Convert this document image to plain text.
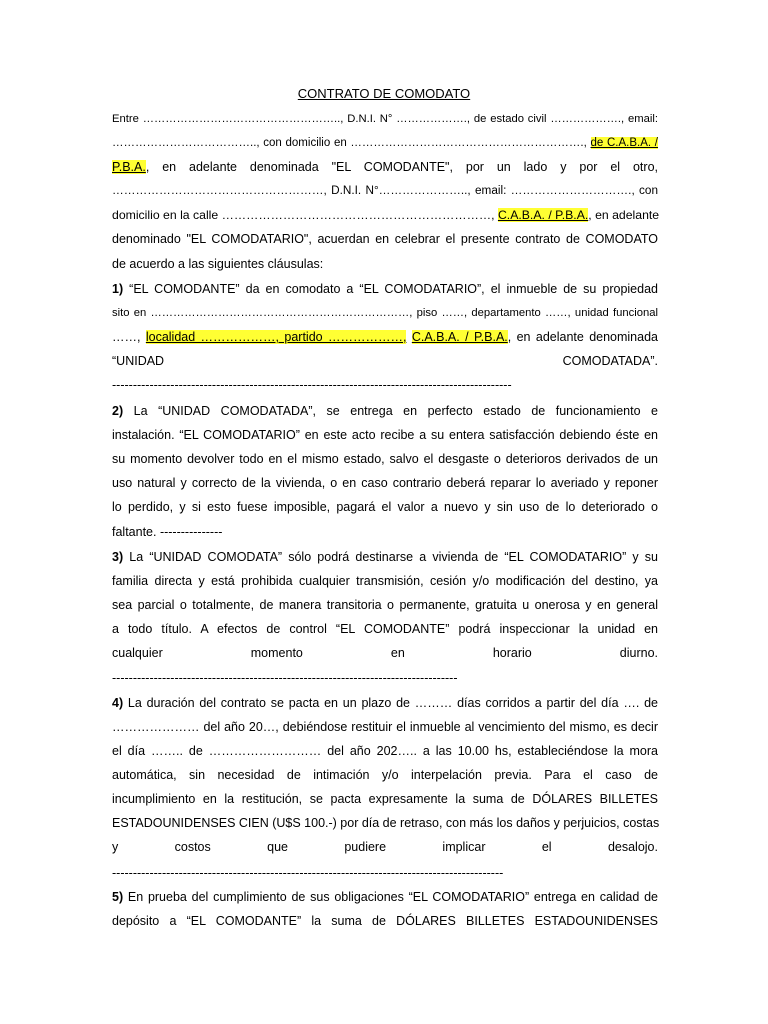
CONTRATO DE COMODATO
Entre …………………………………………….., D.N.I. N° ………………., de estado civil ………………., email:
……………………………….., con domicilio en ……………………………………………………., de C.A.B.A. /
P.B.A., en adelante denominada "EL COMODANTE", por un lado y por el otro,
………………………………………………, D.N.I. N°………………….., email: …………………………., con
domicilio en la calle …………………………………………………………, C.A.B.A. / P.B.A., en adelante
denominado "EL COMODATARIO", acuerdan en celebrar el presente contrato de COMODATO
de acuerdo a las siguientes cláusulas:
1) “EL COMODANTE” da en comodato a “EL COMODATARIO”, el inmueble de su propiedad
sito en ……………………………………………………………, piso ……, departamento ……, unidad funcional
……, localidad ………………, partido ………………, C.A.B.A. / P.B.A., en adelante denominada
“UNIDAD COMODATADA”.
------------------------------------------------------------------------------------------------
2) La “UNIDAD COMODATADA”, se entrega en perfecto estado de funcionamiento e
instalación. “EL COMODATARIO” en este acto recibe a su entera satisfacción debiendo éste en
su momento devolver todo en el mismo estado, salvo el desgaste o deterioros derivados de un
uso natural y correcto de la vivienda, o en caso contrario deberá reparar lo averiado y reponer
lo perdido, y si esto fuese imposible, pagará el valor a nuevo y sin uso de lo deteriorado o
faltante. ---------------
3) La “UNIDAD COMODATA” sólo podrá destinarse a vivienda de “EL COMODATARIO” y su
familia directa y está prohibida cualquier transmisión, cesión y/o modificación del destino, ya
sea parcial o totalmente, de manera transitoria o permanente, gratuita u onerosa y en general
a todo título. A efectos de control “EL COMODANTE” podrá inspeccionar la unidad en
cualquier momento en horario diurno.
-----------------------------------------------------------------------------------
4) La duración del contrato se pacta en un plazo de ……… días corridos a partir del día …. de
………………… del año 20…, debiéndose restituir el inmueble al vencimiento del mismo, es decir
el día …….. de ……………………… del año 202….. a las 10.00 hs, estableciéndose la mora
automática, sin necesidad de intimación y/o interpelación previa. Para el caso de
incumplimiento en la restitución, se pacta expresamente la suma de DÓLARES BILLETES
ESTADOUNIDENSES CIEN (U$S 100.-) por día de retraso, con más los daños y perjuicios, costas
y costos que pudiere implicar el desalojo.
----------------------------------------------------------------------------------------------
5) En prueba del cumplimiento de sus obligaciones “EL COMODATARIO” entrega en calidad de
depósito a “EL COMODANTE” la suma de DÓLARES BILLETES ESTADOUNIDENSES
